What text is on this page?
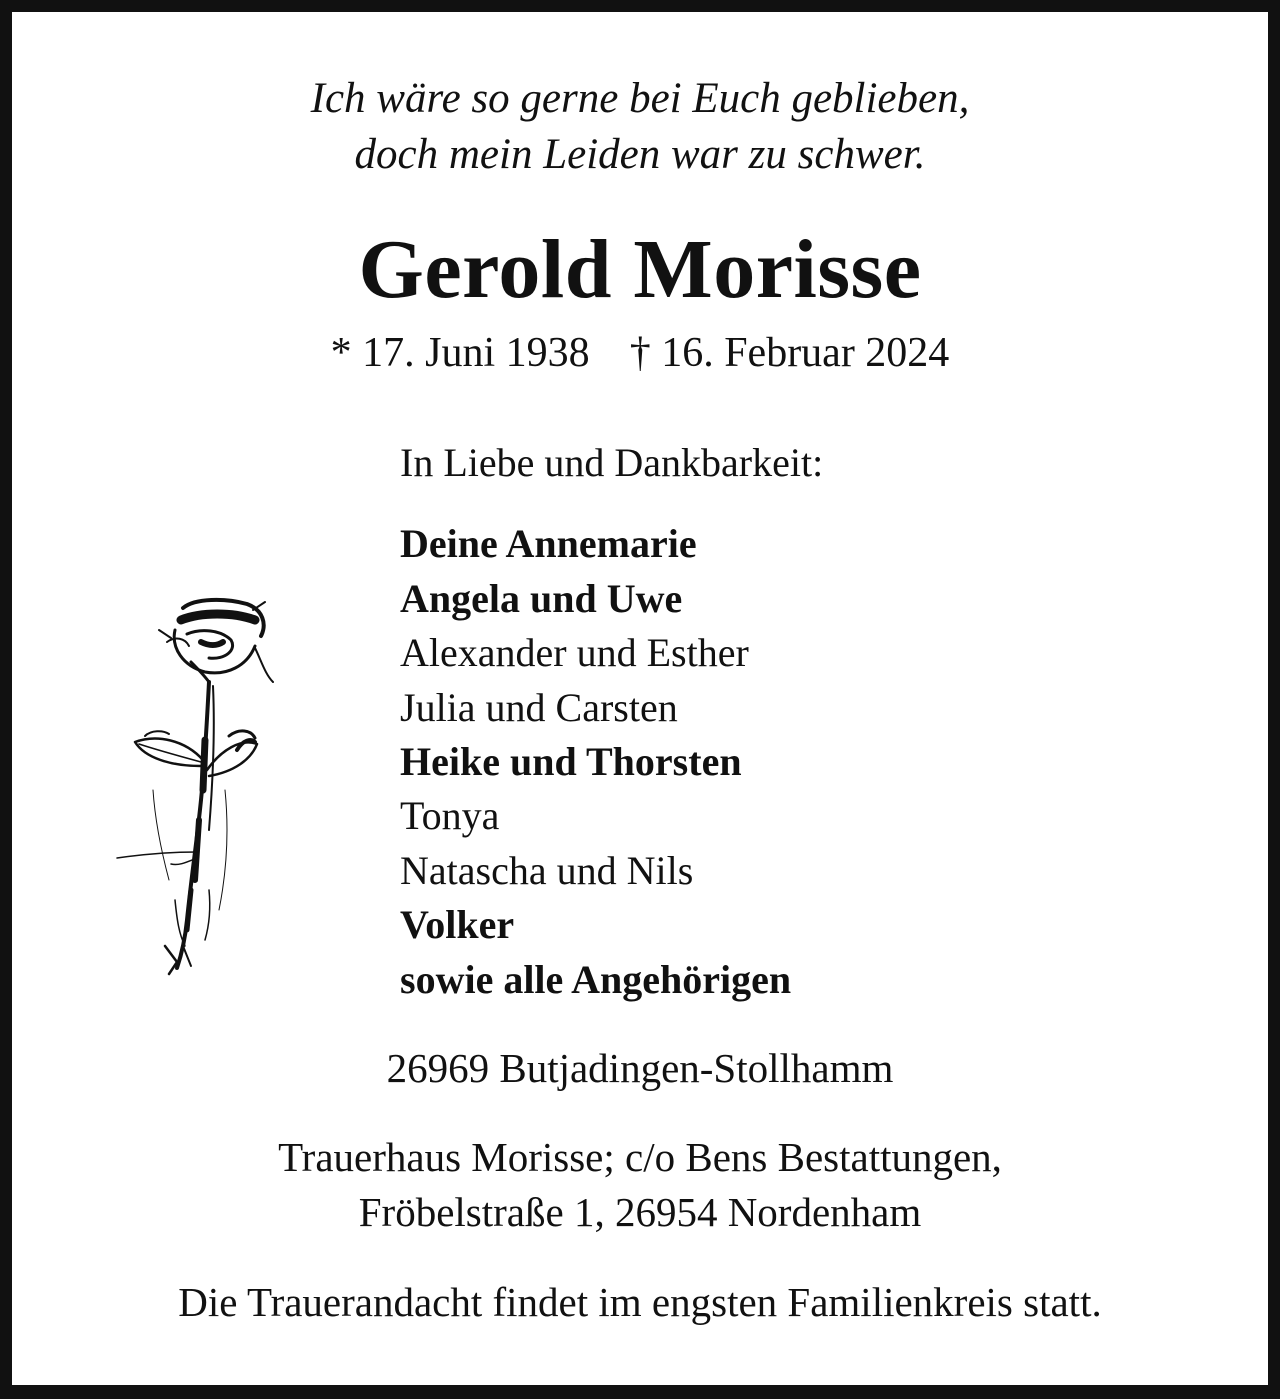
Ich wäre so gerne bei Euch geblieben,
doch mein Leiden war zu schwer.
Gerold Morisse
* 17. Juni 1938 † 16. Februar 2024
In Liebe und Dankbarkeit:
Deine Annemarie
Angela und Uwe
Alexander und Esther
Julia und Carsten
Heike und Thorsten
Tonya
Natascha und Nils
Volker
sowie alle Angehörigen
26969 Butjadingen-Stollhamm
Trauerhaus Morisse; c/o Bens Bestattungen,
Fröbelstraße 1, 26954 Nordenham
Die Trauerandacht findet im engsten Familienkreis statt.
